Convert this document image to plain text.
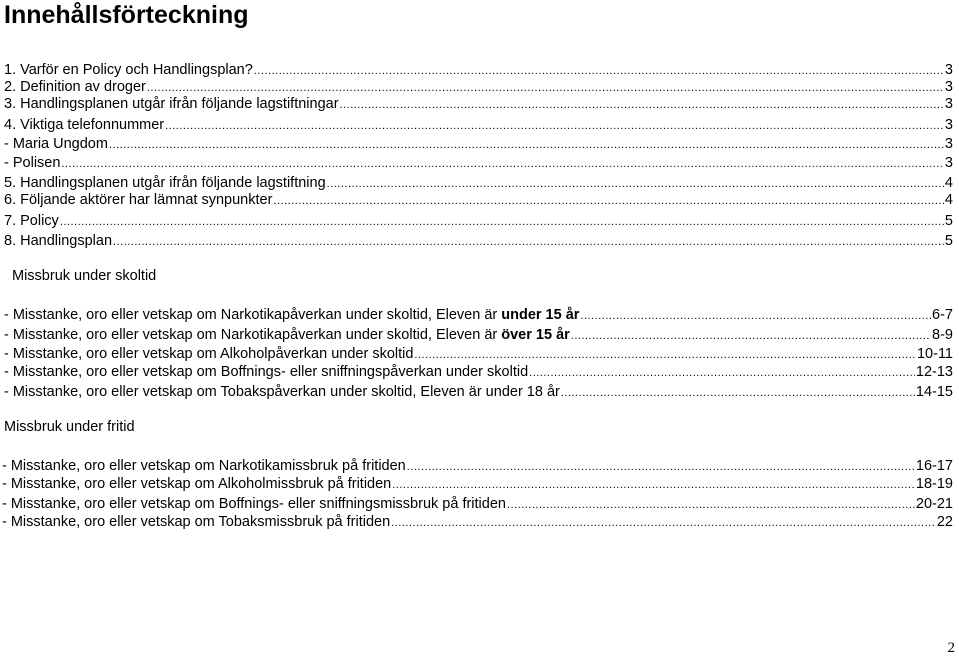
Innehållsförteckning
1. Varför en Policy och Handlingsplan? .....	3
2. Definition av droger .....	3
3. Handlingsplanen utgår ifrån följande lagstiftningar .....	3
4. Viktiga telefonnummer .....	3
- Maria Ungdom .....	3
- Polisen .....	3
5. Handlingsplanen utgår ifrån följande lagstiftning .....	4
6. Följande aktörer har lämnat synpunkter .....	4
7. Policy .....	5
8. Handlingsplan .....	5
Missbruk under skoltid
- Misstanke, oro eller vetskap om Narkotikapåverkan under skoltid, Eleven är under 15 år .....	6-7
- Misstanke, oro eller vetskap om Narkotikapåverkan under skoltid, Eleven är över 15 år .....	8-9
- Misstanke, oro eller vetskap om Alkoholpåverkan under skoltid .....	10-11
- Misstanke, oro eller vetskap om Boffnings- eller sniffningspåverkan under skoltid .....	12-13
- Misstanke, oro eller vetskap om Tobakspåverkan under skoltid, Eleven är under 18 år .....	14-15
Missbruk under fritid
- Misstanke, oro eller vetskap om Narkotikamissbruk på fritiden .....	16-17
- Misstanke, oro eller vetskap om Alkoholmissbruk på fritiden .....	18-19
- Misstanke, oro eller vetskap om Boffnings- eller sniffningsmissbruk på fritiden .....	20-21
- Misstanke, oro eller vetskap om Tobaksmissbruk på fritiden .....	22
2
